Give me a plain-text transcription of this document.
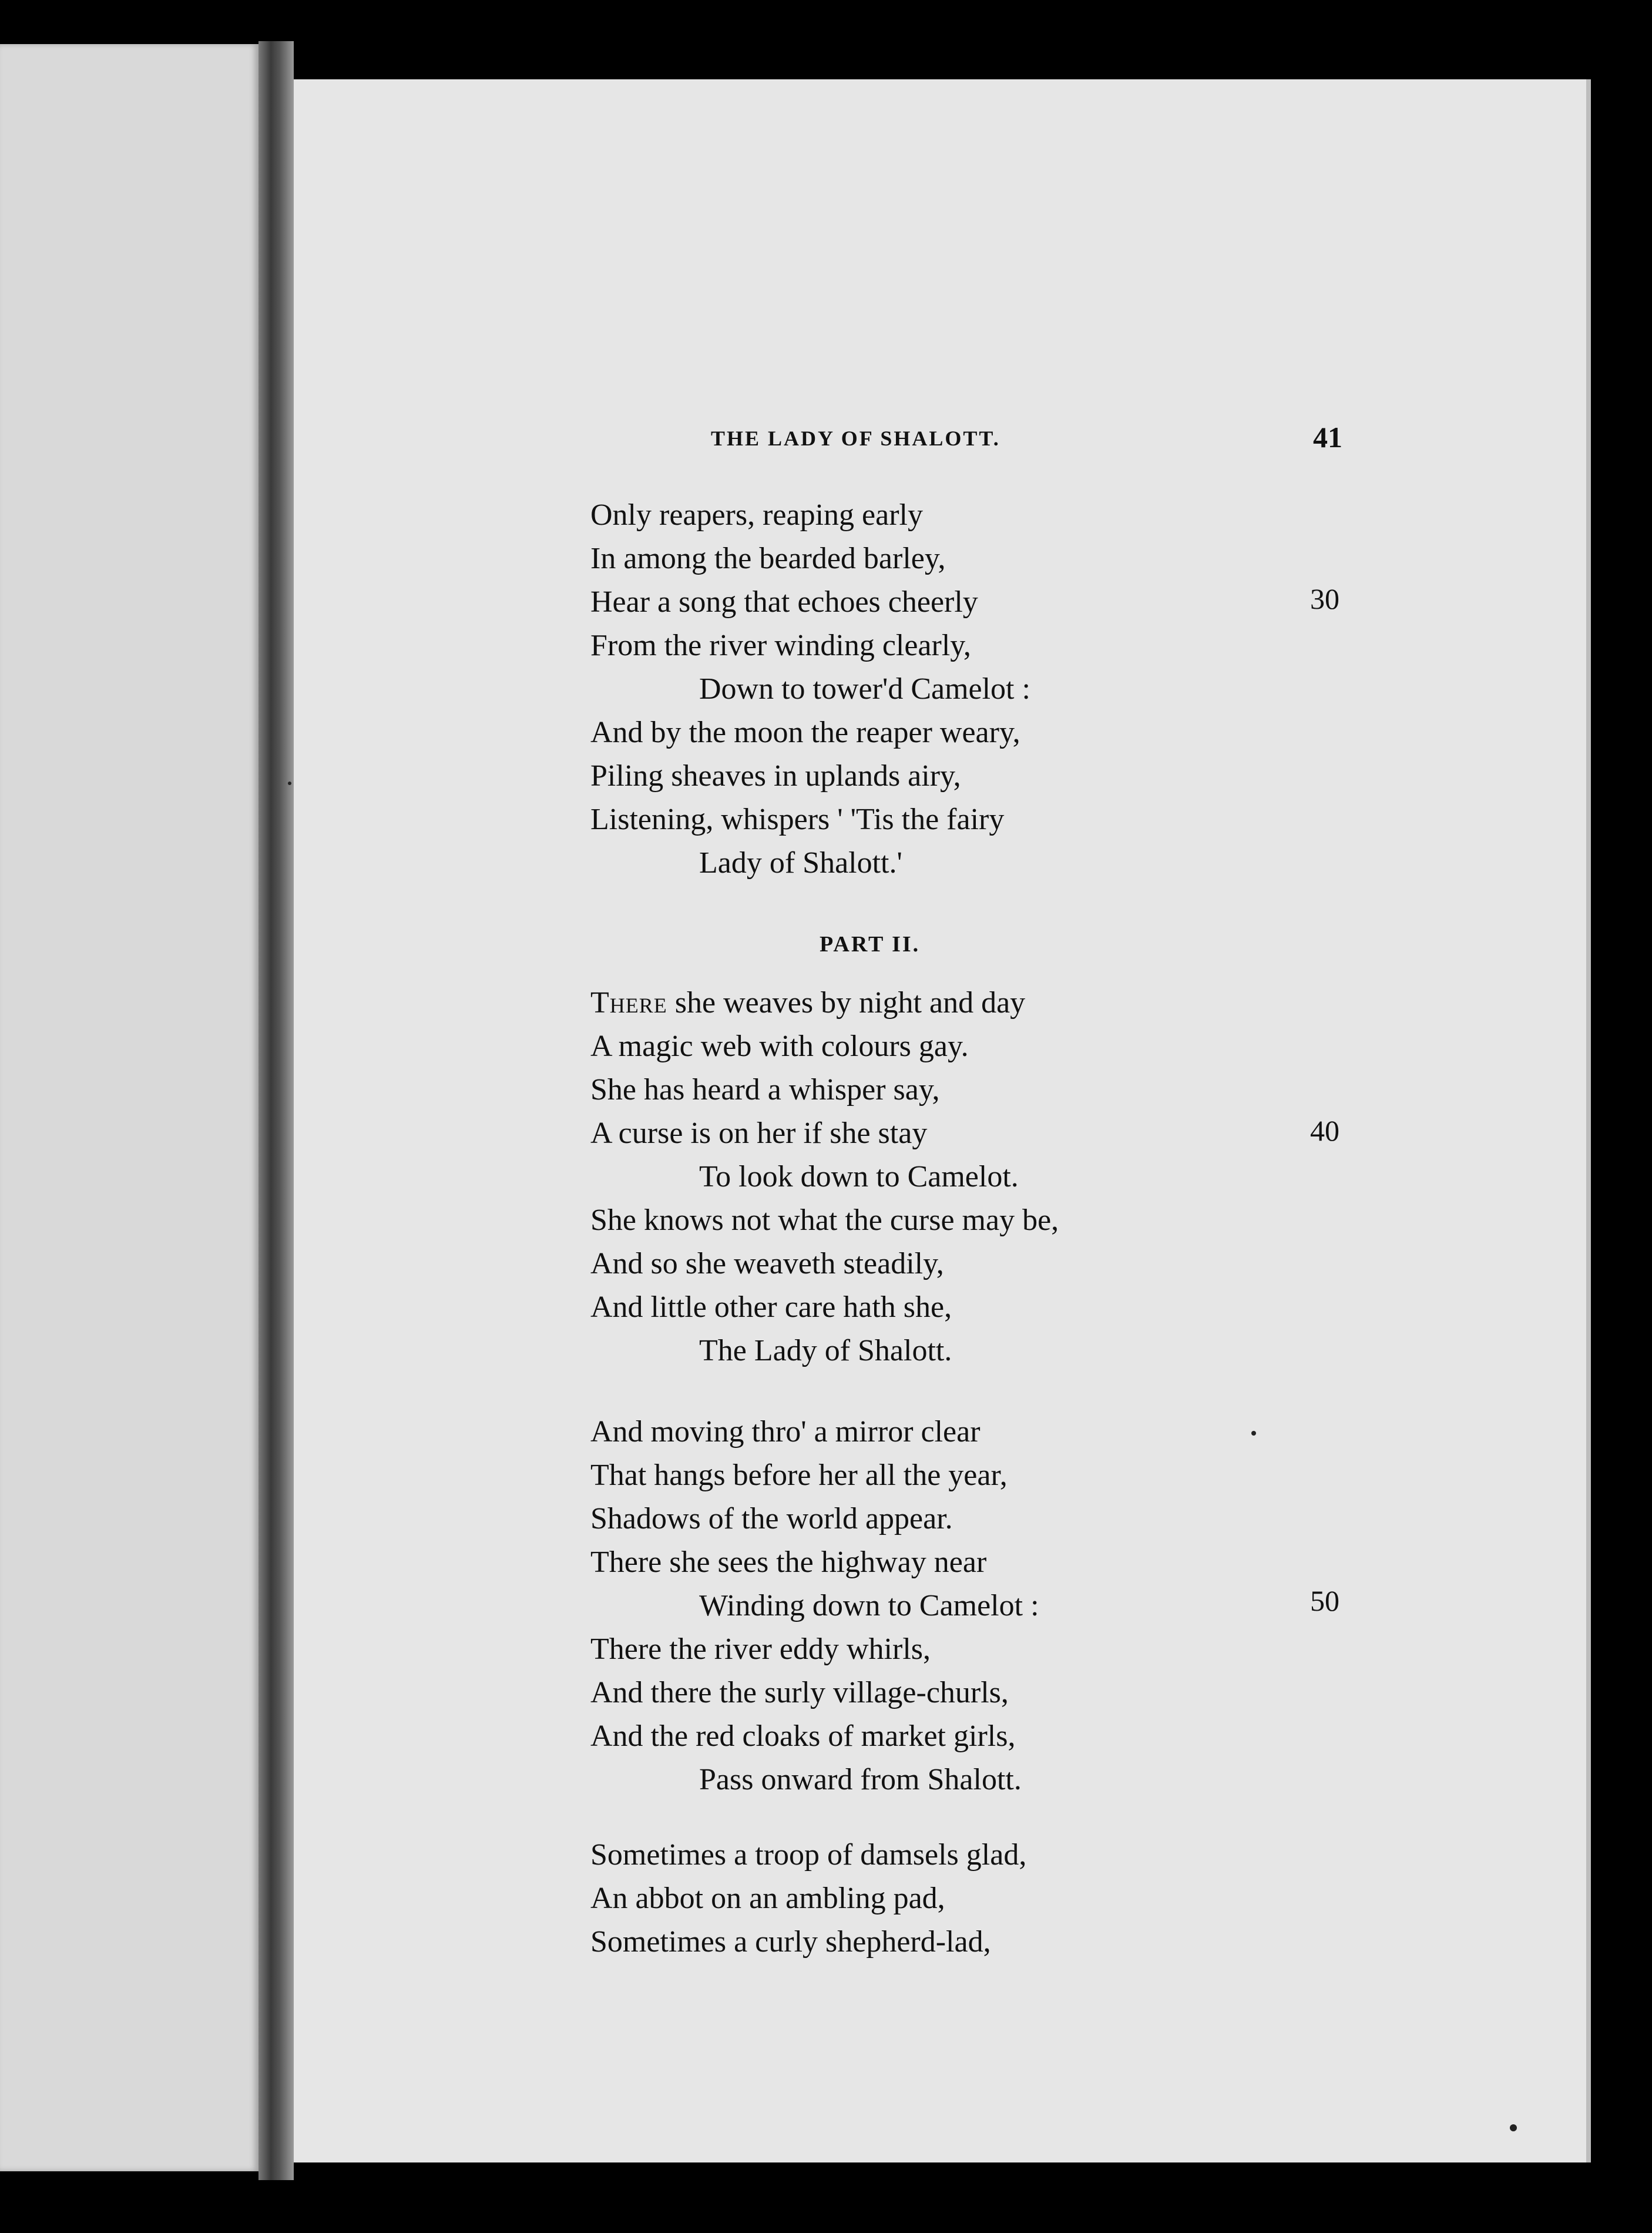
THE LADY OF SHALOTT.	41
Only reapers, reaping early
In among the bearded barley,
Hear a song that echoes cheerly
From the river winding clearly,
Down to tower'd Camelot :
And by the moon the reaper weary,
Piling sheaves in uplands airy,
Listening, whispers ' 'Tis the fairy
Lady of Shalott.'
30
PART II.
There she weaves by night and day
A magic web with colours gay.
She has heard a whisper say,
A curse is on her if she stay
To look down to Camelot.
She knows not what the curse may be,
And so she weaveth steadily,
And little other care hath she,
The Lady of Shalott.
40
And moving thro' a mirror clear
That hangs before her all the year,
Shadows of the world appear.
There she sees the highway near
Winding down to Camelot :
There the river eddy whirls,
And there the surly village-churls,
And the red cloaks of market girls,
Pass onward from Shalott.
50
Sometimes a troop of damsels glad,
An abbot on an ambling pad,
Sometimes a curly shepherd-lad,
